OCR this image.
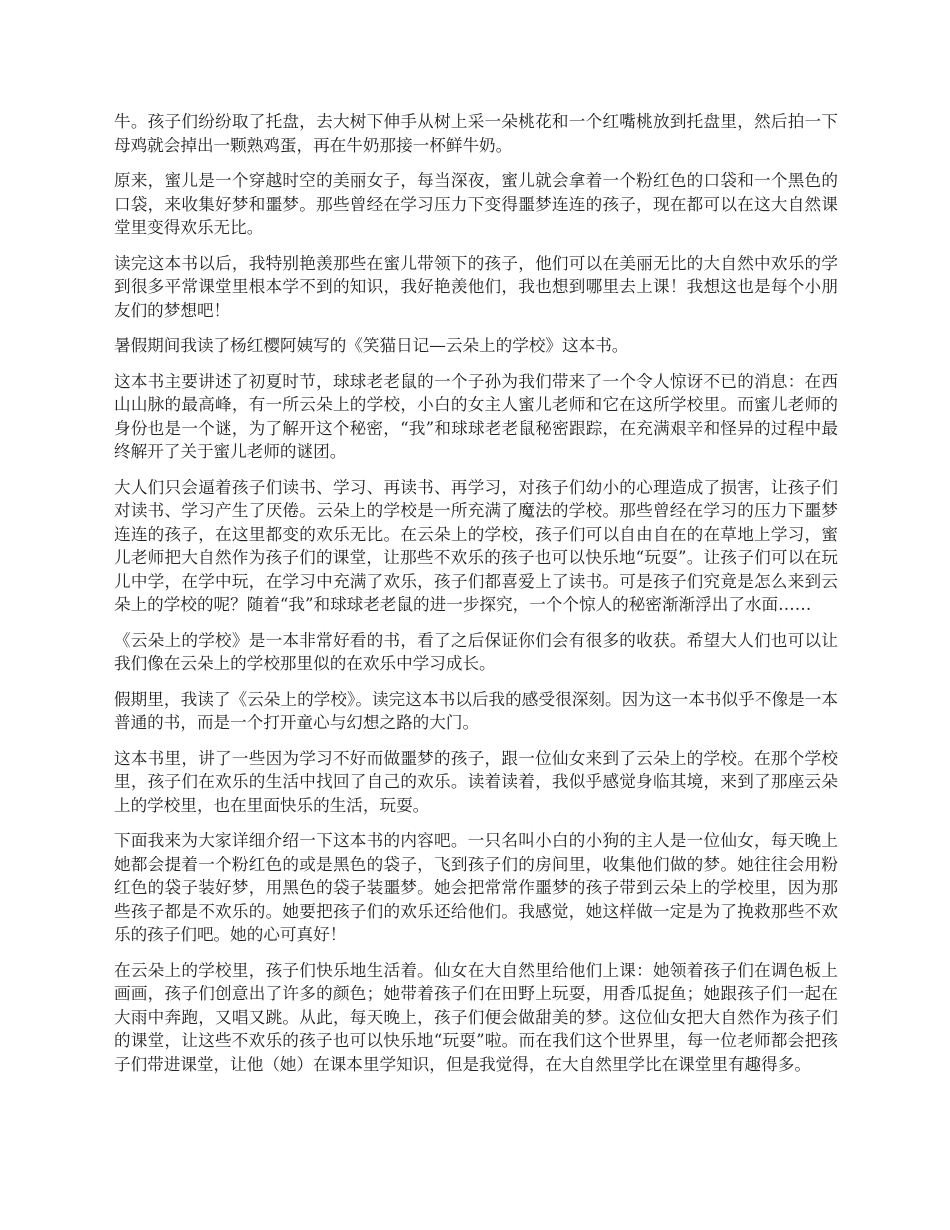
牛。孩子们纷纷取了托盘，去大树下伸手从树上采一朵桃花和一个红嘴桃放到托盘里，然后拍一下母鸡就会掉出一颗熟鸡蛋，再在牛奶那接一杯鲜牛奶。

原来，蜜儿是一个穿越时空的美丽女子，每当深夜，蜜儿就会拿着一个粉红色的口袋和一个黑色的口袋，来收集好梦和噩梦。那些曾经在学习压力下变得噩梦连连的孩子，现在都可以在这大自然课堂里变得欢乐无比。

读完这本书以后，我特别艳羡那些在蜜儿带领下的孩子，他们可以在美丽无比的大自然中欢乐的学到很多平常课堂里根本学不到的知识，我好艳羡他们，我也想到哪里去上课！我想这也是每个小朋友们的梦想吧！

暑假期间我读了杨红樱阿姨写的《笑猫日记—云朵上的学校》这本书。

这本书主要讲述了初夏时节，球球老老鼠的一个子孙为我们带来了一个令人惊讶不已的消息：在西山山脉的最高峰，有一所云朵上的学校，小白的女主人蜜儿老师和它在这所学校里。而蜜儿老师的身份也是一个谜，为了解开这个秘密，“我”和球球老老鼠秘密跟踪，在充满艰辛和怪异的过程中最终解开了关于蜜儿老师的谜团。

大人们只会逼着孩子们读书、学习、再读书、再学习，对孩子们幼小的心理造成了损害，让孩子们对读书、学习产生了厌倦。云朵上的学校是一所充满了魔法的学校。那些曾经在学习的压力下噩梦连连的孩子，在这里都变的欢乐无比。在云朵上的学校，孩子们可以自由自在的在草地上学习，蜜儿老师把大自然作为孩子们的课堂，让那些不欢乐的孩子也可以快乐地“玩耍”。让孩子们可以在玩儿中学，在学中玩，在学习中充满了欢乐，孩子们都喜爱上了读书。可是孩子们究竟是怎么来到云朵上的学校的呢？随着“我”和球球老老鼠的进一步探究，一个个惊人的秘密渐渐浮出了水面……

《云朵上的学校》是一本非常好看的书，看了之后保证你们会有很多的收获。希望大人们也可以让我们像在云朵上的学校那里似的在欢乐中学习成长。

假期里，我读了《云朵上的学校》。读完这本书以后我的感受很深刻。因为这一本书似乎不像是一本普通的书，而是一个打开童心与幻想之路的大门。

这本书里，讲了一些因为学习不好而做噩梦的孩子，跟一位仙女来到了云朵上的学校。在那个学校里，孩子们在欢乐的生活中找回了自己的欢乐。读着读着，我似乎感觉身临其境，来到了那座云朵上的学校里，也在里面快乐的生活，玩耍。

下面我来为大家详细介绍一下这本书的内容吧。一只名叫小白的小狗的主人是一位仙女，每天晚上她都会提着一个粉红色的或是黑色的袋子，飞到孩子们的房间里，收集他们做的梦。她往往会用粉红色的袋子装好梦，用黑色的袋子装噩梦。她会把常常作噩梦的孩子带到云朵上的学校里，因为那些孩子都是不欢乐的。她要把孩子们的欢乐还给他们。我感觉，她这样做一定是为了挽救那些不欢乐的孩子们吧。她的心可真好！

在云朵上的学校里，孩子们快乐地生活着。仙女在大自然里给他们上课：她领着孩子们在调色板上画画，孩子们创意出了许多的颜色；她带着孩子们在田野上玩耍，用香瓜捉鱼；她跟孩子们一起在大雨中奔跑，又唱又跳。从此，每天晚上，孩子们便会做甜美的梦。这位仙女把大自然作为孩子们的课堂，让这些不欢乐的孩子也可以快乐地“玩耍”啦。而在我们这个世界里，每一位老师都会把孩子们带进课堂，让他（她）在课本里学知识，但是我觉得，在大自然里学比在课堂里有趣得多。
